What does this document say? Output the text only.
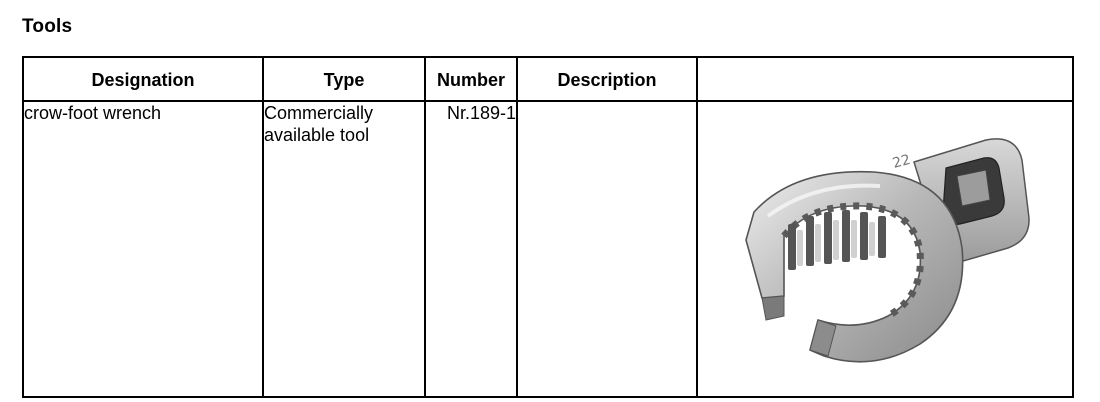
Tools
Designation	Type	Number	Description	
crow-foot wrench	Commercially available tool	Nr.189-1		22
